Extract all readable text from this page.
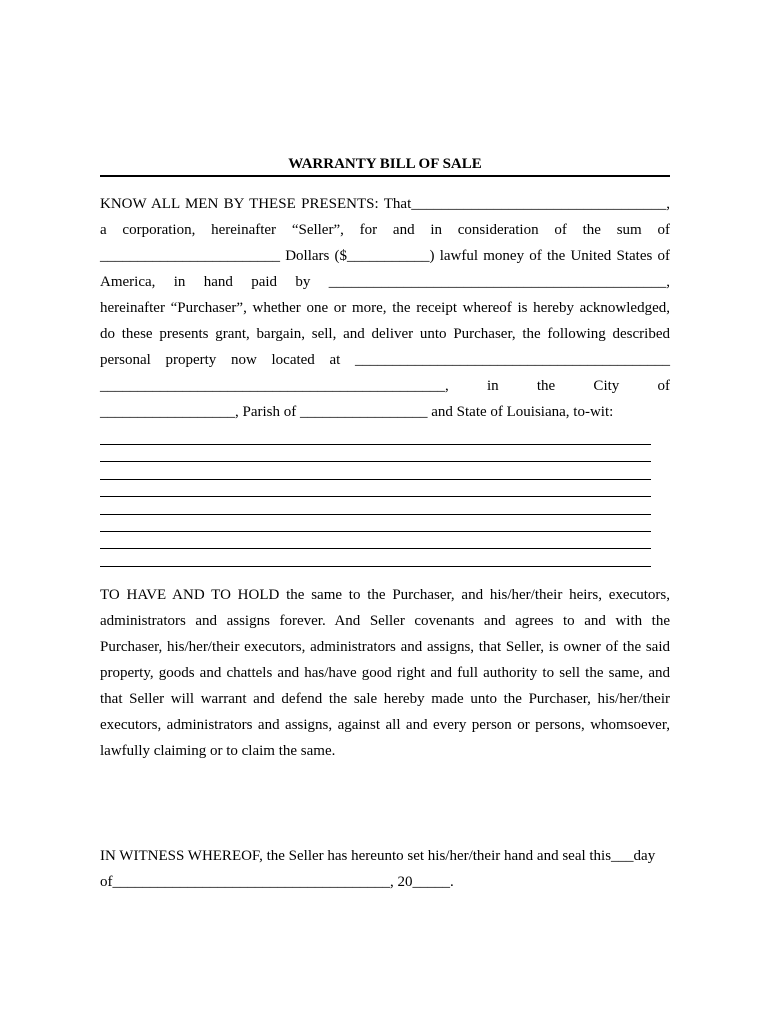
WARRANTY BILL OF SALE
KNOW ALL MEN BY THESE PRESENTS: That__________________________________,
a corporation, hereinafter “Seller”, for and in consideration of the sum of
________________________ Dollars ($___________) lawful money of the United States of
America, in hand paid by _____________________________________________,
hereinafter “Purchaser”, whether one or more, the receipt whereof is hereby acknowledged,
do these presents grant, bargain, sell, and deliver unto Purchaser, the following described
personal property now located at __________________________________________
______________________________________________, in the City of
__________________, Parish of _________________ and State of Louisiana, to-wit:
TO HAVE AND TO HOLD the same to the Purchaser, and his/her/their heirs, executors,
administrators and assigns forever. And Seller covenants and agrees to and with the
Purchaser, his/her/their executors, administrators and assigns, that Seller, is owner of the said
property, goods and chattels and has/have good right and full authority to sell the same, and
that Seller will warrant and defend the sale hereby made unto the Purchaser, his/her/their
executors, administrators and assigns, against all and every person or persons, whomsoever,
lawfully claiming or to claim the same.
IN WITNESS WHEREOF, the Seller has hereunto set his/her/their hand and seal this___day
of_____________________________________, 20_____.
